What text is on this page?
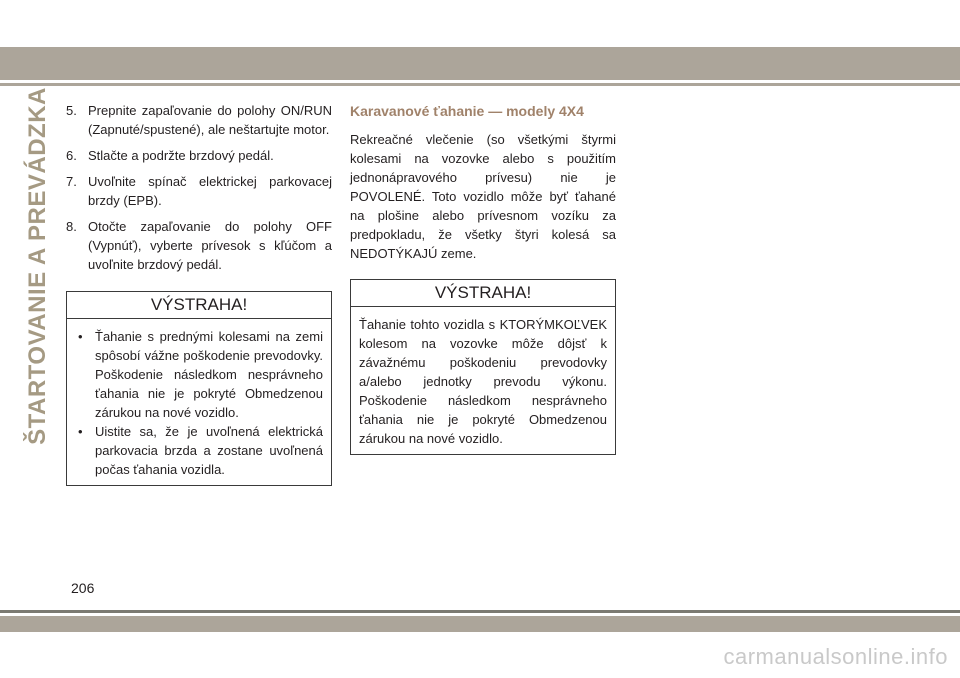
ŠTARTOVANIE A PREVÁDZKA 5. Prepnite zapaľovanie do polohy ON/RUN (Zapnuté/spustené), ale neštartujte motor.
6. Stlačte a podržte brzdový pedál.
7. Uvoľnite spínač elektrickej parkovacej brzdy (EPB).
8. Otočte zapaľovanie do polohy OFF (Vypnúť), vyberte prívesok s kľúčom a uvoľnite brzdový pedál.
VÝSTRAHA!
• Ťahanie s prednými kolesami na zemi spôsobí vážne poškodenie prevodovky. Poškodenie následkom nesprávneho ťahania nie je pokryté Obmedzenou zárukou na nové vozidlo.
• Uistite sa, že je uvoľnená elektrická parkovacia brzda a zostane uvoľnená počas ťahania vozidla.
Karavanové ťahanie — modely 4X4

Rekreačné vlečenie (so všetkými štyrmi kolesami na vozovke alebo s použitím jednonápravového prívesu) nie je POVOLENÉ. Toto vozidlo môže byť ťahané na plošine alebo prívesnom vozíku za predpokladu, že všetky štyri kolesá sa NEDOTÝKAJÚ zeme.

VÝSTRAHA!

Ťahanie tohto vozidla s KTORÝMKOĽVEK kolesom na vozovke môže dôjsť k závažnému poškodeniu prevodovky a/alebo jednotky prevodu výkonu. Poškodenie následkom nesprávneho ťahania nie je pokryté Obmedzenou zárukou na nové vozidlo.

206
carmanualsonline.info
